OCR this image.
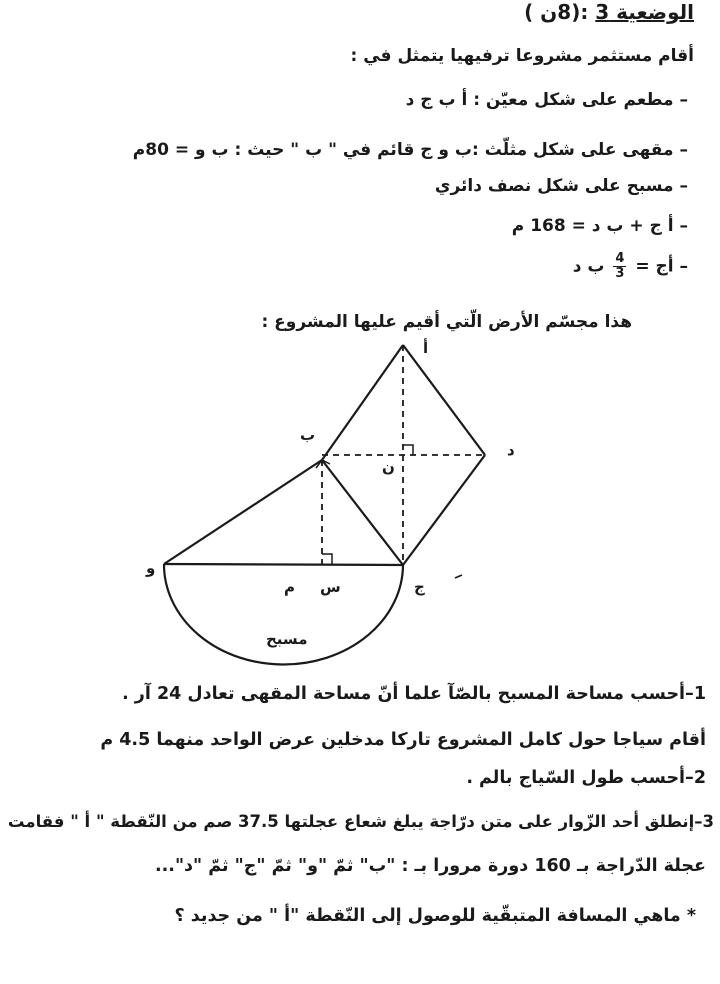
الوضعية 3 :(8ن )
أقام مستثمر مشروعا ترفيهيا يتمثل في :
– مطعم على شكل معيّن : أ ب ج د
– مقهى على شكل مثلّث :ب و ج قائم في " ب " حيث : ب و = 80م
– مسبح على شكل نصف دائري
– أ ج + ب د = 168 م
– أج =
$\frac{4}{3}$
ب د
هذا مجسّم الأرض الّتي أقيم عليها المشروع :
أ
ب
د
ن
و
ج
س
م
مسبح
1–أحسب مساحة المسبح بالصّآ علما أنّ مساحة المقهى تعادل 24 آر .
أقام سياجا حول كامل المشروع تاركا مدخلين عرض الواحد منهما 4.5 م
2–أحسب طول السّياج بالم .
3–إنطلق أحد الزّوار على متن درّاجة يبلغ شعاع عجلتها 37.5 صم من النّقطة " أ " فقامت
عجلة الدّراجة بـ 160 دورة مرورا بـ : "ب" ثمّ "و" ثمّ "ج" ثمّ "د"...
* ماهي المسافة المتبقّية للوصول إلى النّقطة "أ " من جديد ؟
